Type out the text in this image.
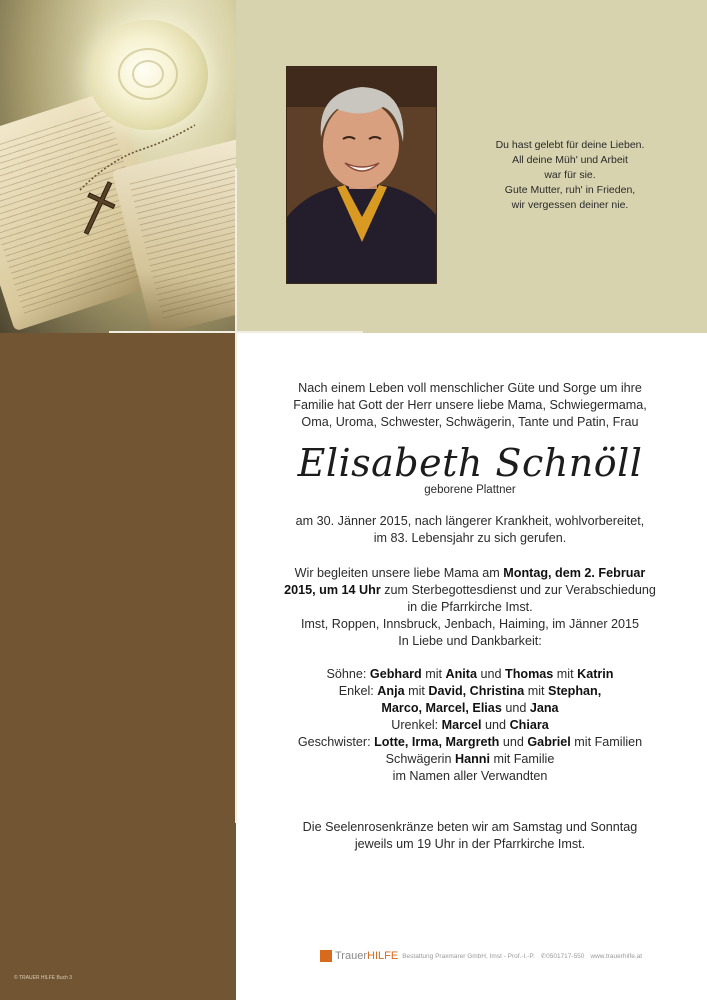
Du hast gelebt für deine Lieben.
All deine Müh' und Arbeit
war für sie.
Gute Mutter, ruh' in Frieden,
wir vergessen deiner nie.

Nach einem Leben voll menschlicher Güte und Sorge um ihre

Familie hat Gott der Herr unsere liebe Mama, Schwiegermama,

Oma, Uroma, Schwester, Schwägerin, Tante und Patin, Frau

Elisabeth Schnöll
geborene Plattner

am 30. Jänner 2015, nach längerer Krankheit, wohlvorbereitet,

im 83. Lebensjahr zu sich gerufen.

Wir begleiten unsere liebe Mama am Montag, dem 2. Februar

2015, um 14 Uhr zum Sterbegottesdienst und zur Verabschiedung

in die Pfarrkirche Imst.

Imst, Roppen, Innsbruck, Jenbach, Haiming, im Jänner 2015

In Liebe und Dankbarkeit:

Söhne: Gebhard mit Anita und Thomas mit Katrin

Enkel: Anja mit David, Christina mit Stephan,

Marco, Marcel, Elias und Jana

Urenkel: Marcel und Chiara

Geschwister: Lotte, Irma, Margreth und Gabriel mit Familien

Schwägerin Hanni mit Familie

im Namen aller Verwandten

Die Seelenrosenkränze beten wir am Samstag und Sonntag

jeweils um 19 Uhr in der Pfarrkirche Imst.

TrauerHILFE Bestattung Praxmarer GmbH, Imst - Prof.-I.-P. ✆0501717-550 www.trauerhilfe.at
© TRAUER HILFE Buch 3
